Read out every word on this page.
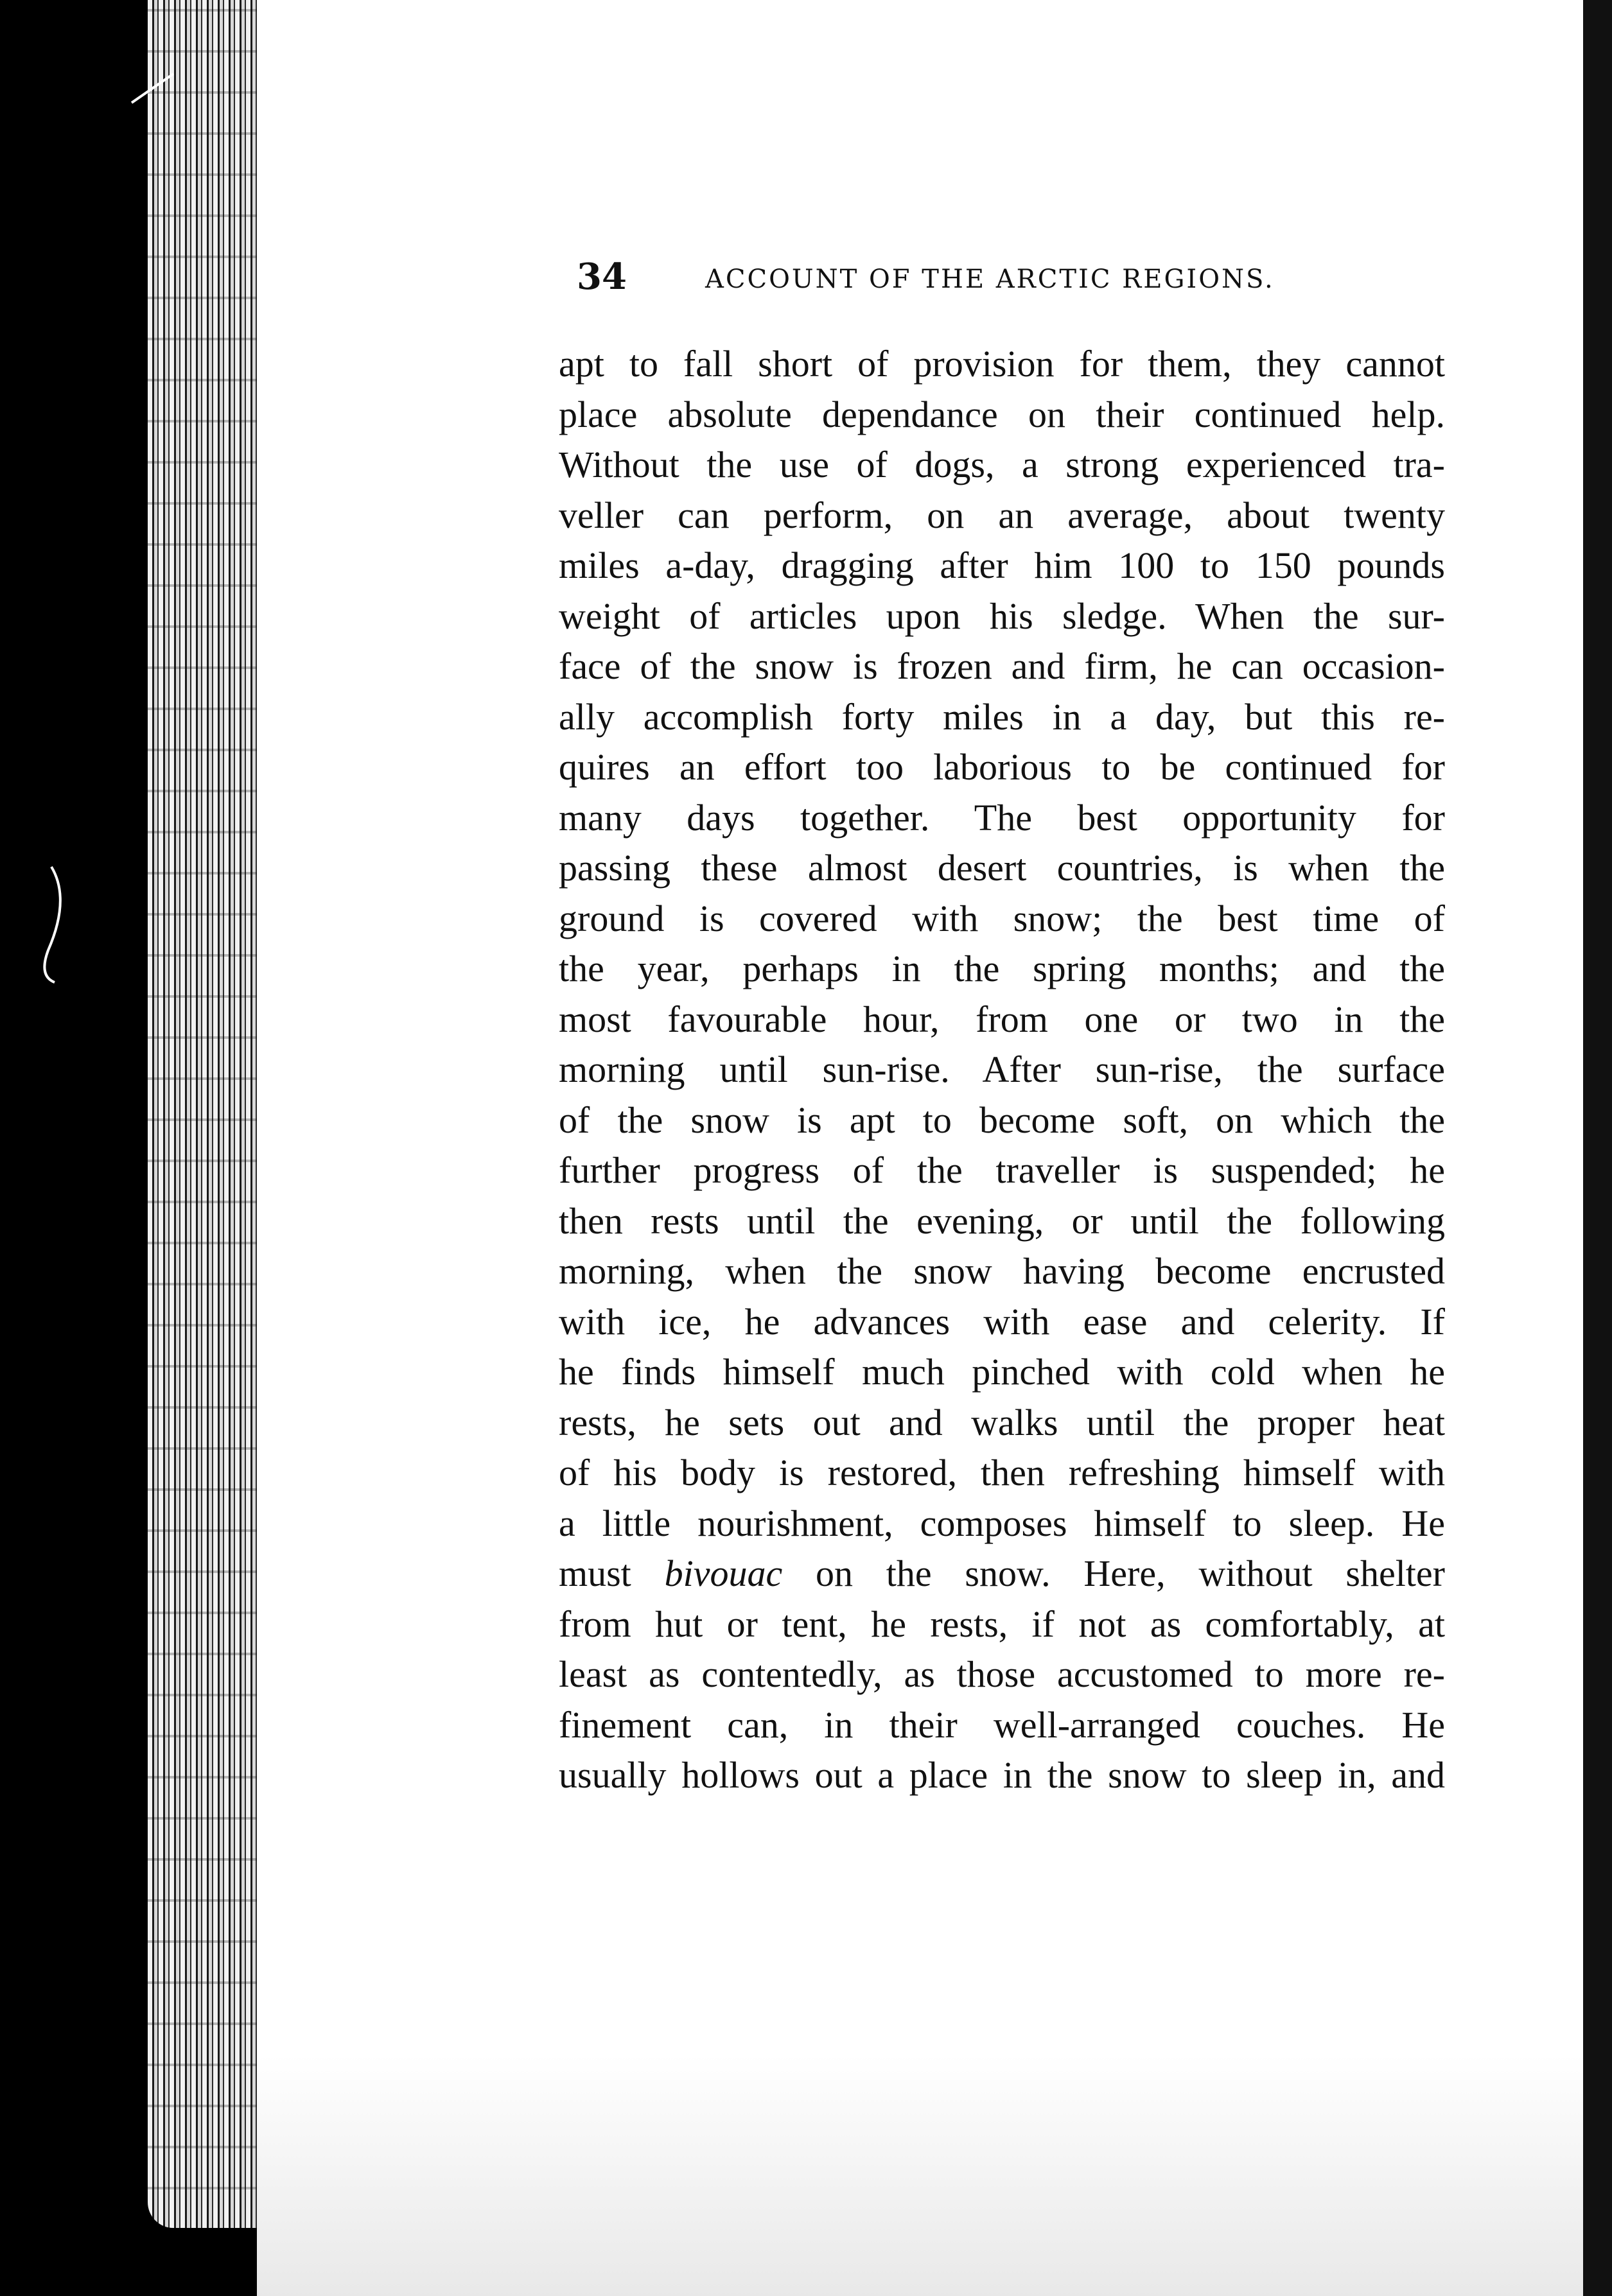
34	ACCOUNT OF THE ARCTIC REGIONS.
apt to fall short of provision for them, they cannot
place absolute dependance on their continued help.
Without the use of dogs, a strong experienced tra-
veller can perform, on an average, about twenty
miles a-day, dragging after him 100 to 150 pounds
weight of articles upon his sledge. When the sur-
face of the snow is frozen and firm, he can occasion-
ally accomplish forty miles in a day, but this re-
quires an effort too laborious to be continued for
many days together. The best opportunity for
passing these almost desert countries, is when the
ground is covered with snow; the best time of
the year, perhaps in the spring months; and the
most favourable hour, from one or two in the
morning until sun-rise. After sun-rise, the surface
of the snow is apt to become soft, on which the
further progress of the traveller is suspended; he
then rests until the evening, or until the following
morning, when the snow having become encrusted
with ice, he advances with ease and celerity. If
he finds himself much pinched with cold when he
rests, he sets out and walks until the proper heat
of his body is restored, then refreshing himself with
a little nourishment, composes himself to sleep. He
must bivouac on the snow. Here, without shelter
from hut or tent, he rests, if not as comfortably, at
least as contentedly, as those accustomed to more re-
finement can, in their well-arranged couches. He
usually hollows out a place in the snow to sleep in, and
